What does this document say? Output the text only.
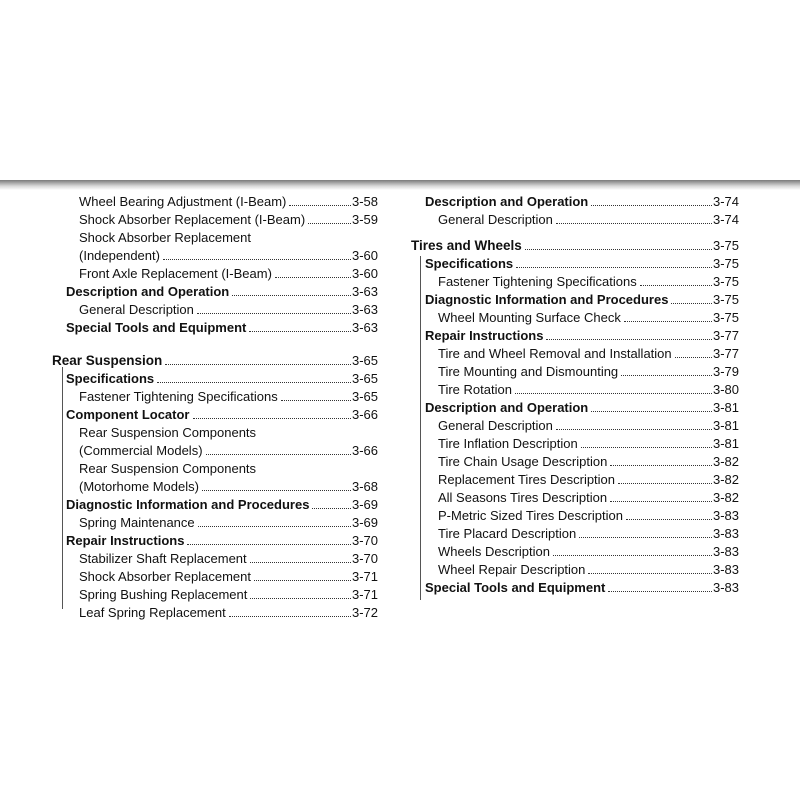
Wheel Bearing Adjustment (I-Beam)	3-58
Shock Absorber Replacement (I-Beam)	3-59
Shock Absorber Replacement
(Independent)	3-60
Front Axle Replacement (I-Beam)	3-60
Description and Operation	3-63
General Description	3-63
Special Tools and Equipment	3-63
Rear Suspension	3-65
Specifications	3-65
Fastener Tightening Specifications	3-65
Component Locator	3-66
Rear Suspension Components
(Commercial Models)	3-66
Rear Suspension Components
(Motorhome Models)	3-68
Diagnostic Information and Procedures	3-69
Spring Maintenance	3-69
Repair Instructions	3-70
Stabilizer Shaft Replacement	3-70
Shock Absorber Replacement	3-71
Spring Bushing Replacement	3-71
Leaf Spring Replacement	3-72
Description and Operation	3-74
General Description	3-74
Tires and Wheels	3-75
Specifications	3-75
Fastener Tightening Specifications	3-75
Diagnostic Information and Procedures	3-75
Wheel Mounting Surface Check	3-75
Repair Instructions	3-77
Tire and Wheel Removal and Installation	3-77
Tire Mounting and Dismounting	3-79
Tire Rotation	3-80
Description and Operation	3-81
General Description	3-81
Tire Inflation Description	3-81
Tire Chain Usage Description	3-82
Replacement Tires Description	3-82
All Seasons Tires Description	3-82
P-Metric Sized Tires Description	3-83
Tire Placard Description	3-83
Wheels Description	3-83
Wheel Repair Description	3-83
Special Tools and Equipment	3-83
